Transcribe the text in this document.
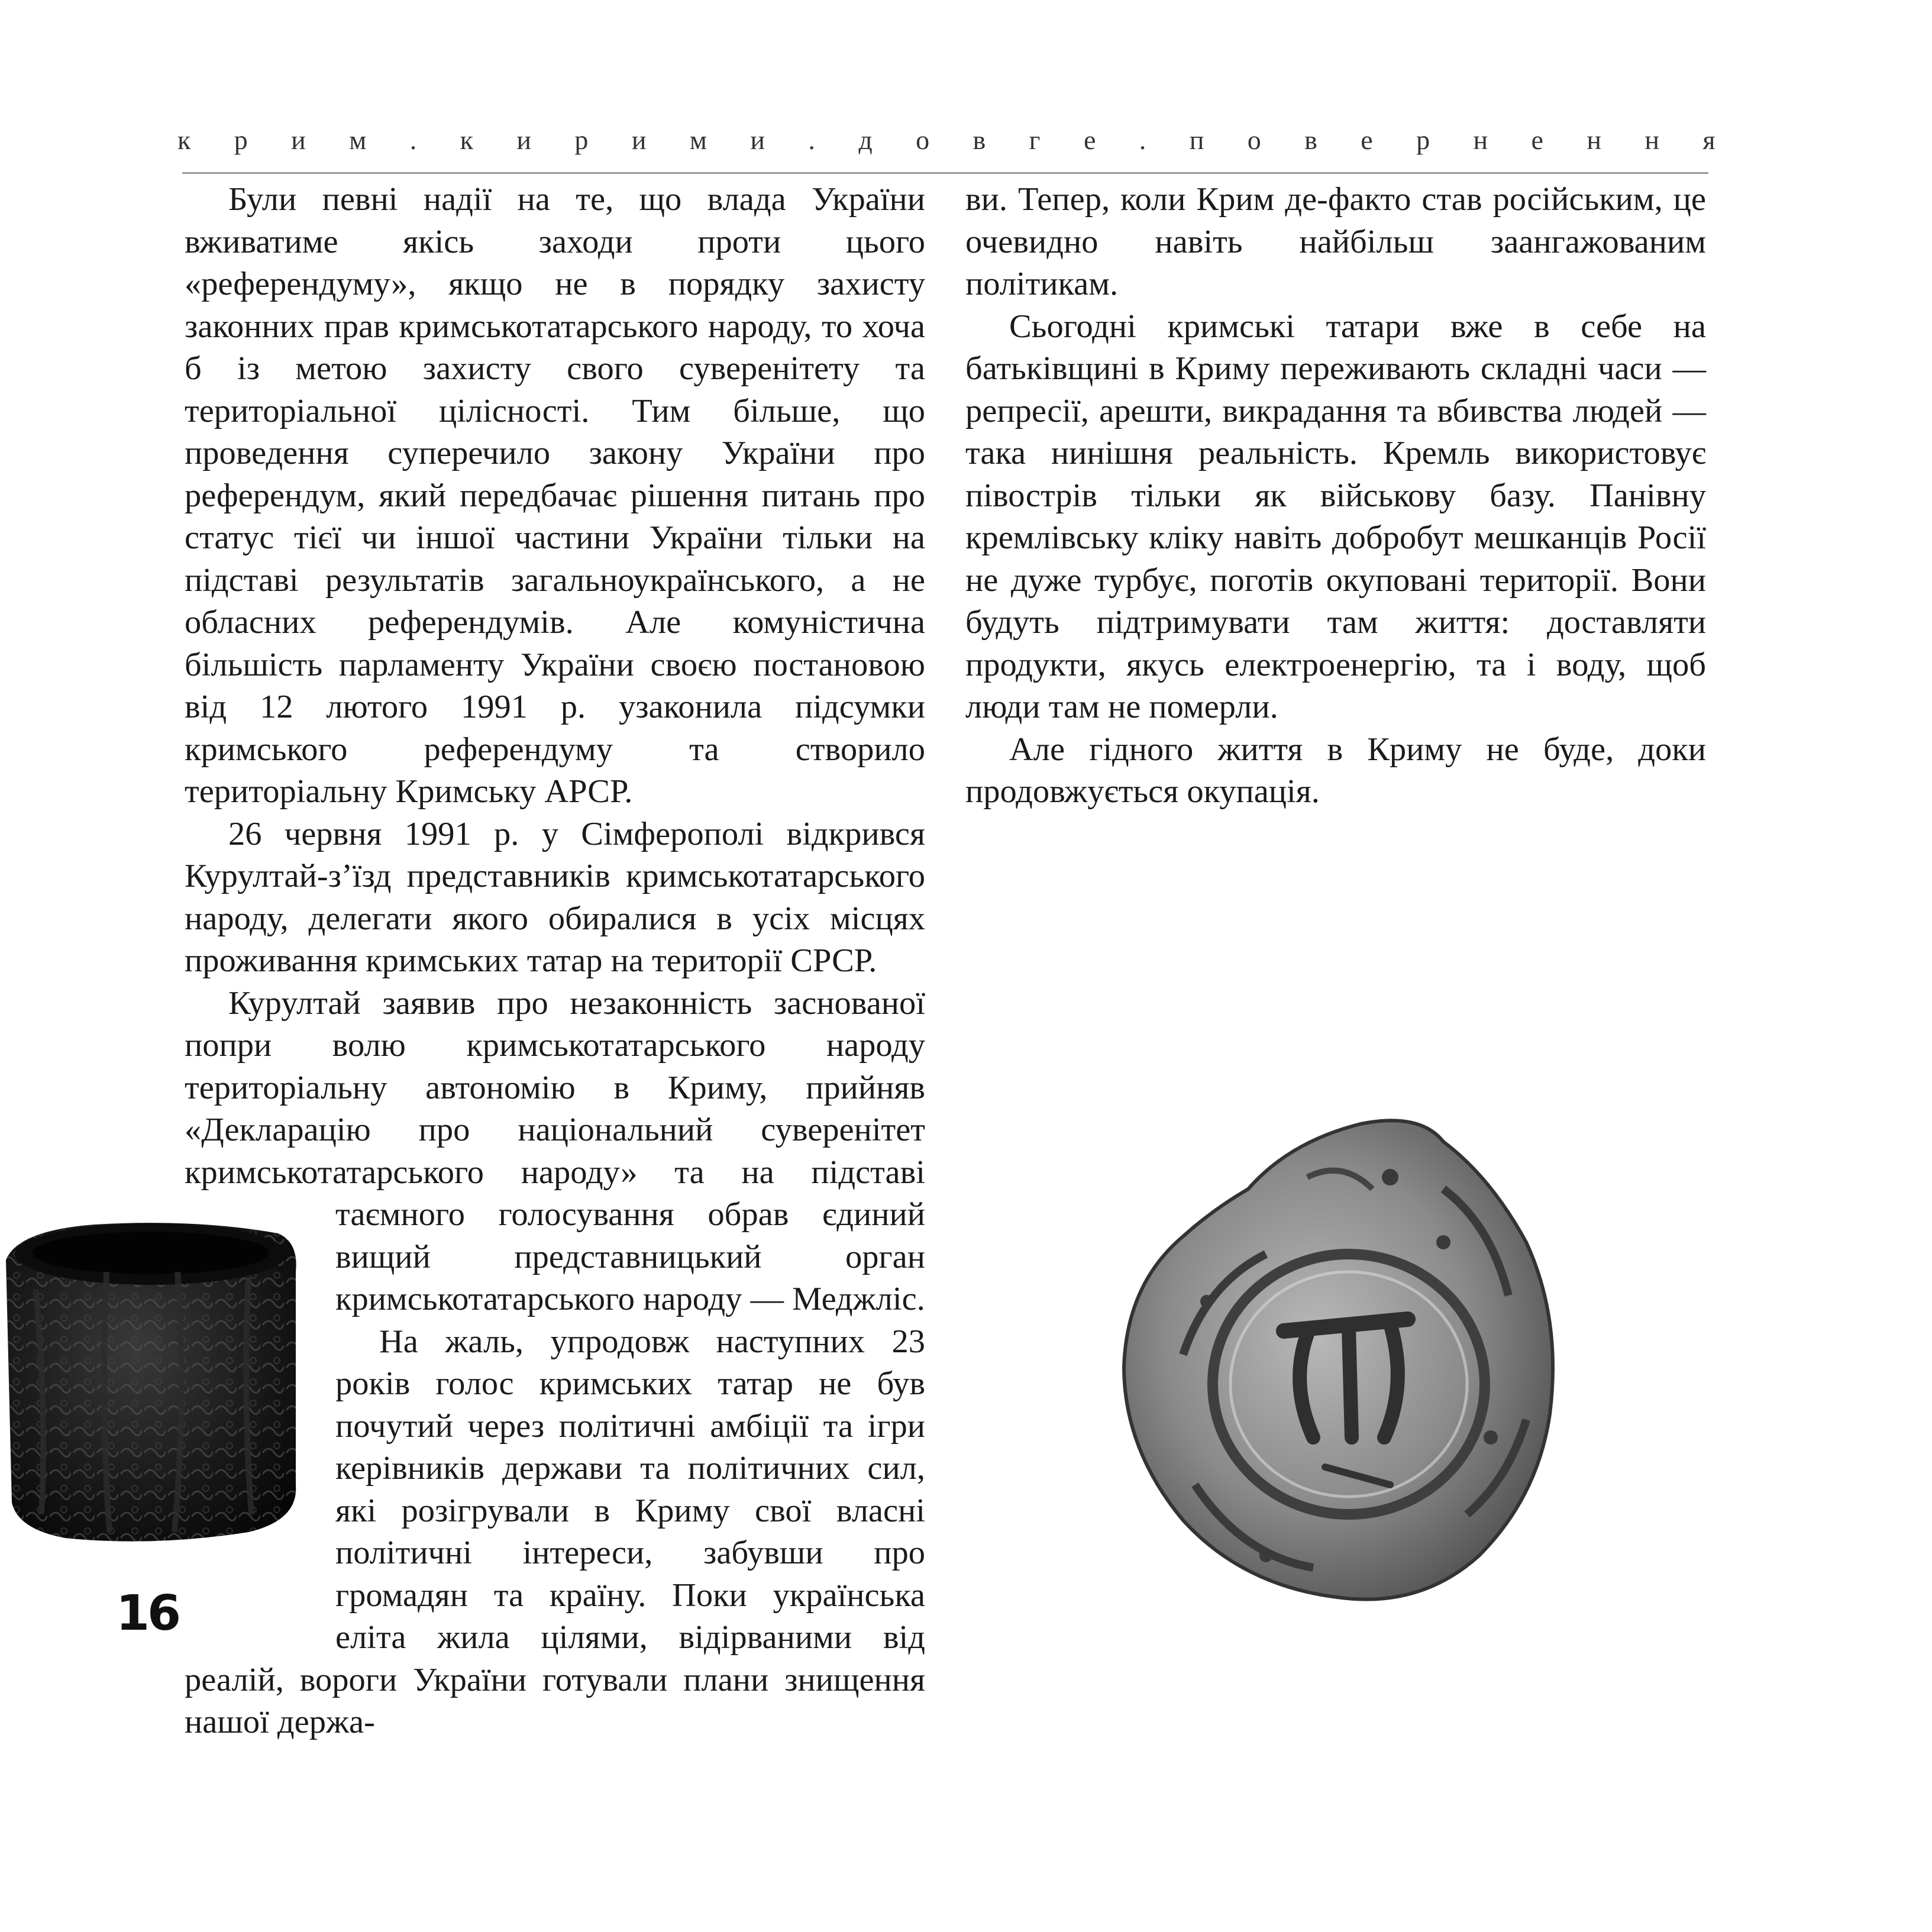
к р и м . к и р и м и . д о в г е . п о в е р н е н н я

Були певні надії на те, що влада України вживатиме якісь заходи проти цього «референдуму», якщо не в порядку захисту законних прав кримськотатарського народу, то хоча б із метою захисту свого суверенітету та територіальної цілісності. Тим більше, що проведення суперечило закону України про референдум, який передбачає рішення питань про статус тієї чи іншої частини України тільки на підставі результатів загальноукраїнського, а не обласних референдумів. Але комуністична більшість парламенту України своєю постановою від 12 лютого 1991 р. узаконила підсумки кримського референдуму та створило територіальну Кримську АРСР.

26 червня 1991 р. у Сімферополі відкрився Курултай-з’їзд представників кримськотатарського народу, делегати якого обиралися в усіх місцях проживання кримських татар на території СРСР.

Курултай заявив про незаконність заснованої попри волю кримськотатарського народу територіальну автономію в Криму, прийняв «Декларацію про національний суверенітет кримськотатарського народу» та на підставі таємного
голосування обрав єдиний вищий представницький орган кримськотатарського народу — Меджліс.

На жаль, упродовж наступних 23 років голос кримських татар не був почутий через політичні амбіції та ігри керівників держави та політичних сил, які розігрували в Криму свої власні політичні інтереси, забувши про громадян та країну. Поки українська еліта жила цілями, відірваними від реалій, вороги України готували плани знищення нашої держа-

ви. Тепер, коли Крим де-факто став російським, це очевидно навіть найбільш заангажованим політикам.

Сьогодні кримські татари вже в себе на батьківщині в Криму переживають складні часи — репресії, арешти, викрадання та вбивства людей — така нинішня реальність. Кремль використовує півострів тільки як військову базу. Панівну кремлівську кліку навіть добробут мешканців Росії не дуже турбує, поготів окуповані території. Вони будуть підтримувати там життя: доставляти продукти, якусь електроенергію, та і воду, щоб люди там не померли.

Але гідного життя в Криму не буде, доки продовжується окупація.

16
